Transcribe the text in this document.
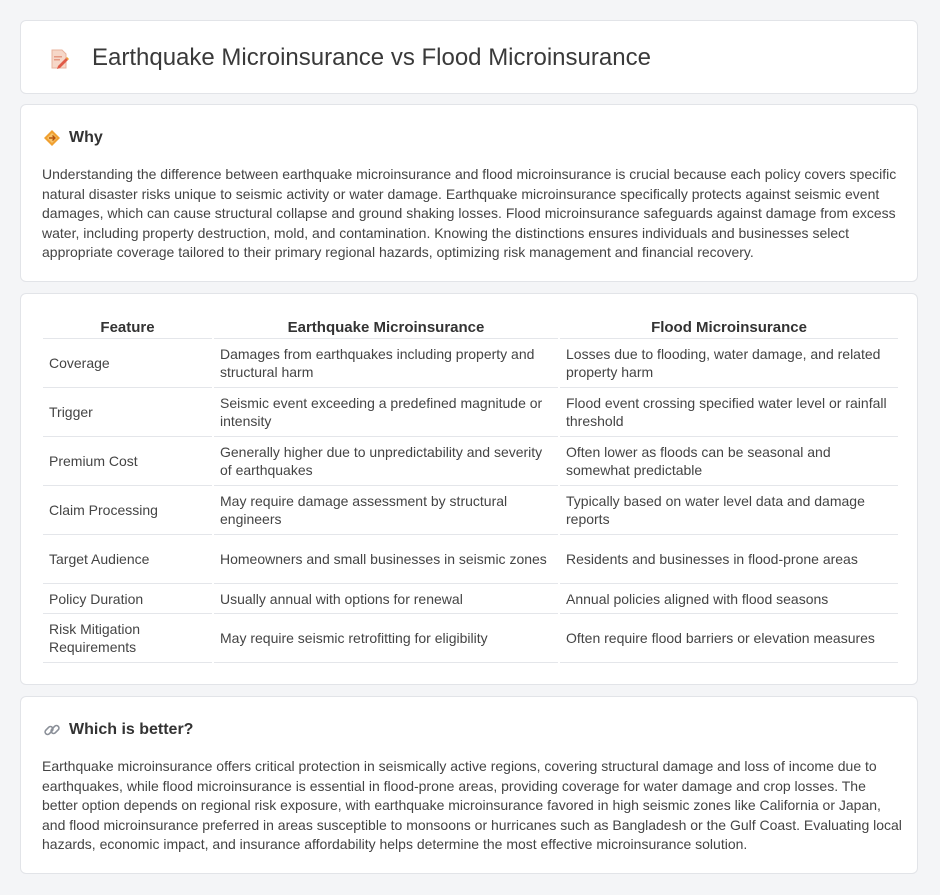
Earthquake Microinsurance vs Flood Microinsurance
Why

Understanding the difference between earthquake microinsurance and flood microinsurance is crucial because each policy covers specific natural disaster risks unique to seismic activity or water damage. Earthquake microinsurance specifically protects against seismic event damages, which can cause structural collapse and ground shaking losses. Flood microinsurance safeguards against damage from excess water, including property destruction, mold, and contamination. Knowing the distinctions ensures individuals and businesses select appropriate coverage tailored to their primary regional hazards, optimizing risk management and financial recovery.

Feature	Earthquake Microinsurance	Flood Microinsurance
Coverage	Damages from earthquakes including property and structural harm	Losses due to flooding, water damage, and related property harm
Trigger	Seismic event exceeding a predefined magnitude or intensity	Flood event crossing specified water level or rainfall threshold
Premium Cost	Generally higher due to unpredictability and severity of earthquakes	Often lower as floods can be seasonal and somewhat predictable
Claim Processing	May require damage assessment by structural engineers	Typically based on water level data and damage reports
Target Audience	Homeowners and small businesses in seismic zones	Residents and businesses in flood-prone areas
Policy Duration	Usually annual with options for renewal	Annual policies aligned with flood seasons
Risk Mitigation Requirements	May require seismic retrofitting for eligibility	Often require flood barriers or elevation measures
Which is better?

Earthquake microinsurance offers critical protection in seismically active regions, covering structural damage and loss of income due to earthquakes, while flood microinsurance is essential in flood-prone areas, providing coverage for water damage and crop losses. The better option depends on regional risk exposure, with earthquake microinsurance favored in high seismic zones like California or Japan, and flood microinsurance preferred in areas susceptible to monsoons or hurricanes such as Bangladesh or the Gulf Coast. Evaluating local hazards, economic impact, and insurance affordability helps determine the most effective microinsurance solution.
